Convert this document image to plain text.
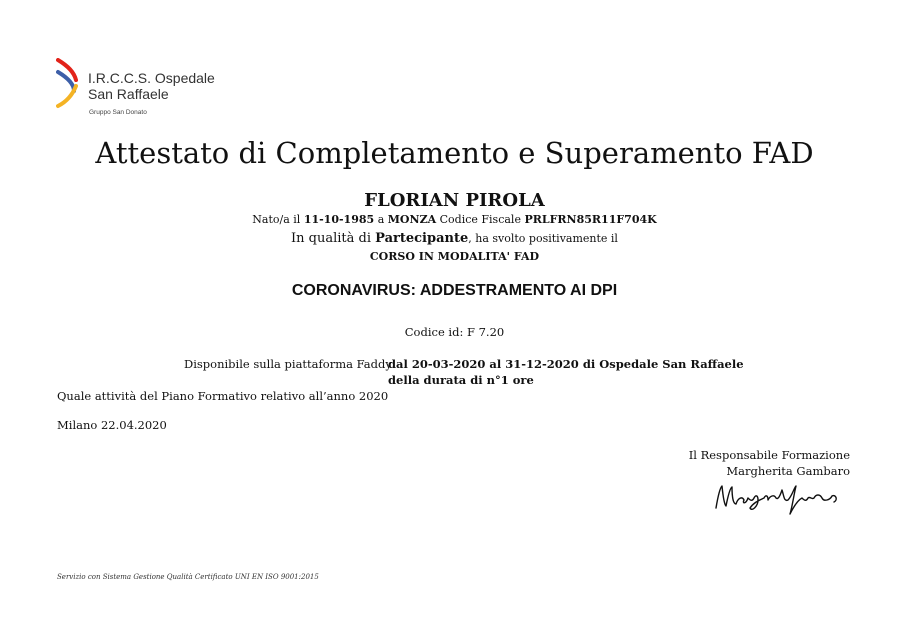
I.R.C.C.S. Ospedale
San Raffaele
Gruppo San Donato
Attestato di Completamento e Superamento FAD
FLORIAN PIROLA
Nato/a il 11-10-1985 a MONZA Codice Fiscale PRLFRN85R11F704K
In qualità di Partecipante, ha svolto positivamente il
CORSO IN MODALITA' FAD
CORONAVIRUS: ADDESTRAMENTO AI DPI
Codice id: F 7.20
Disponibile sulla piattaforma Faddy
dal 20-03-2020 al 31-12-2020 di Ospedale San Raffaele
della durata di n°1 ore
Quale attività del Piano Formativo relativo all’anno 2020
Milano 22.04.2020
Il Responsabile Formazione
Margherita Gambaro
Servizio con Sistema Gestione Qualità Certificato UNI EN ISO 9001:2015
